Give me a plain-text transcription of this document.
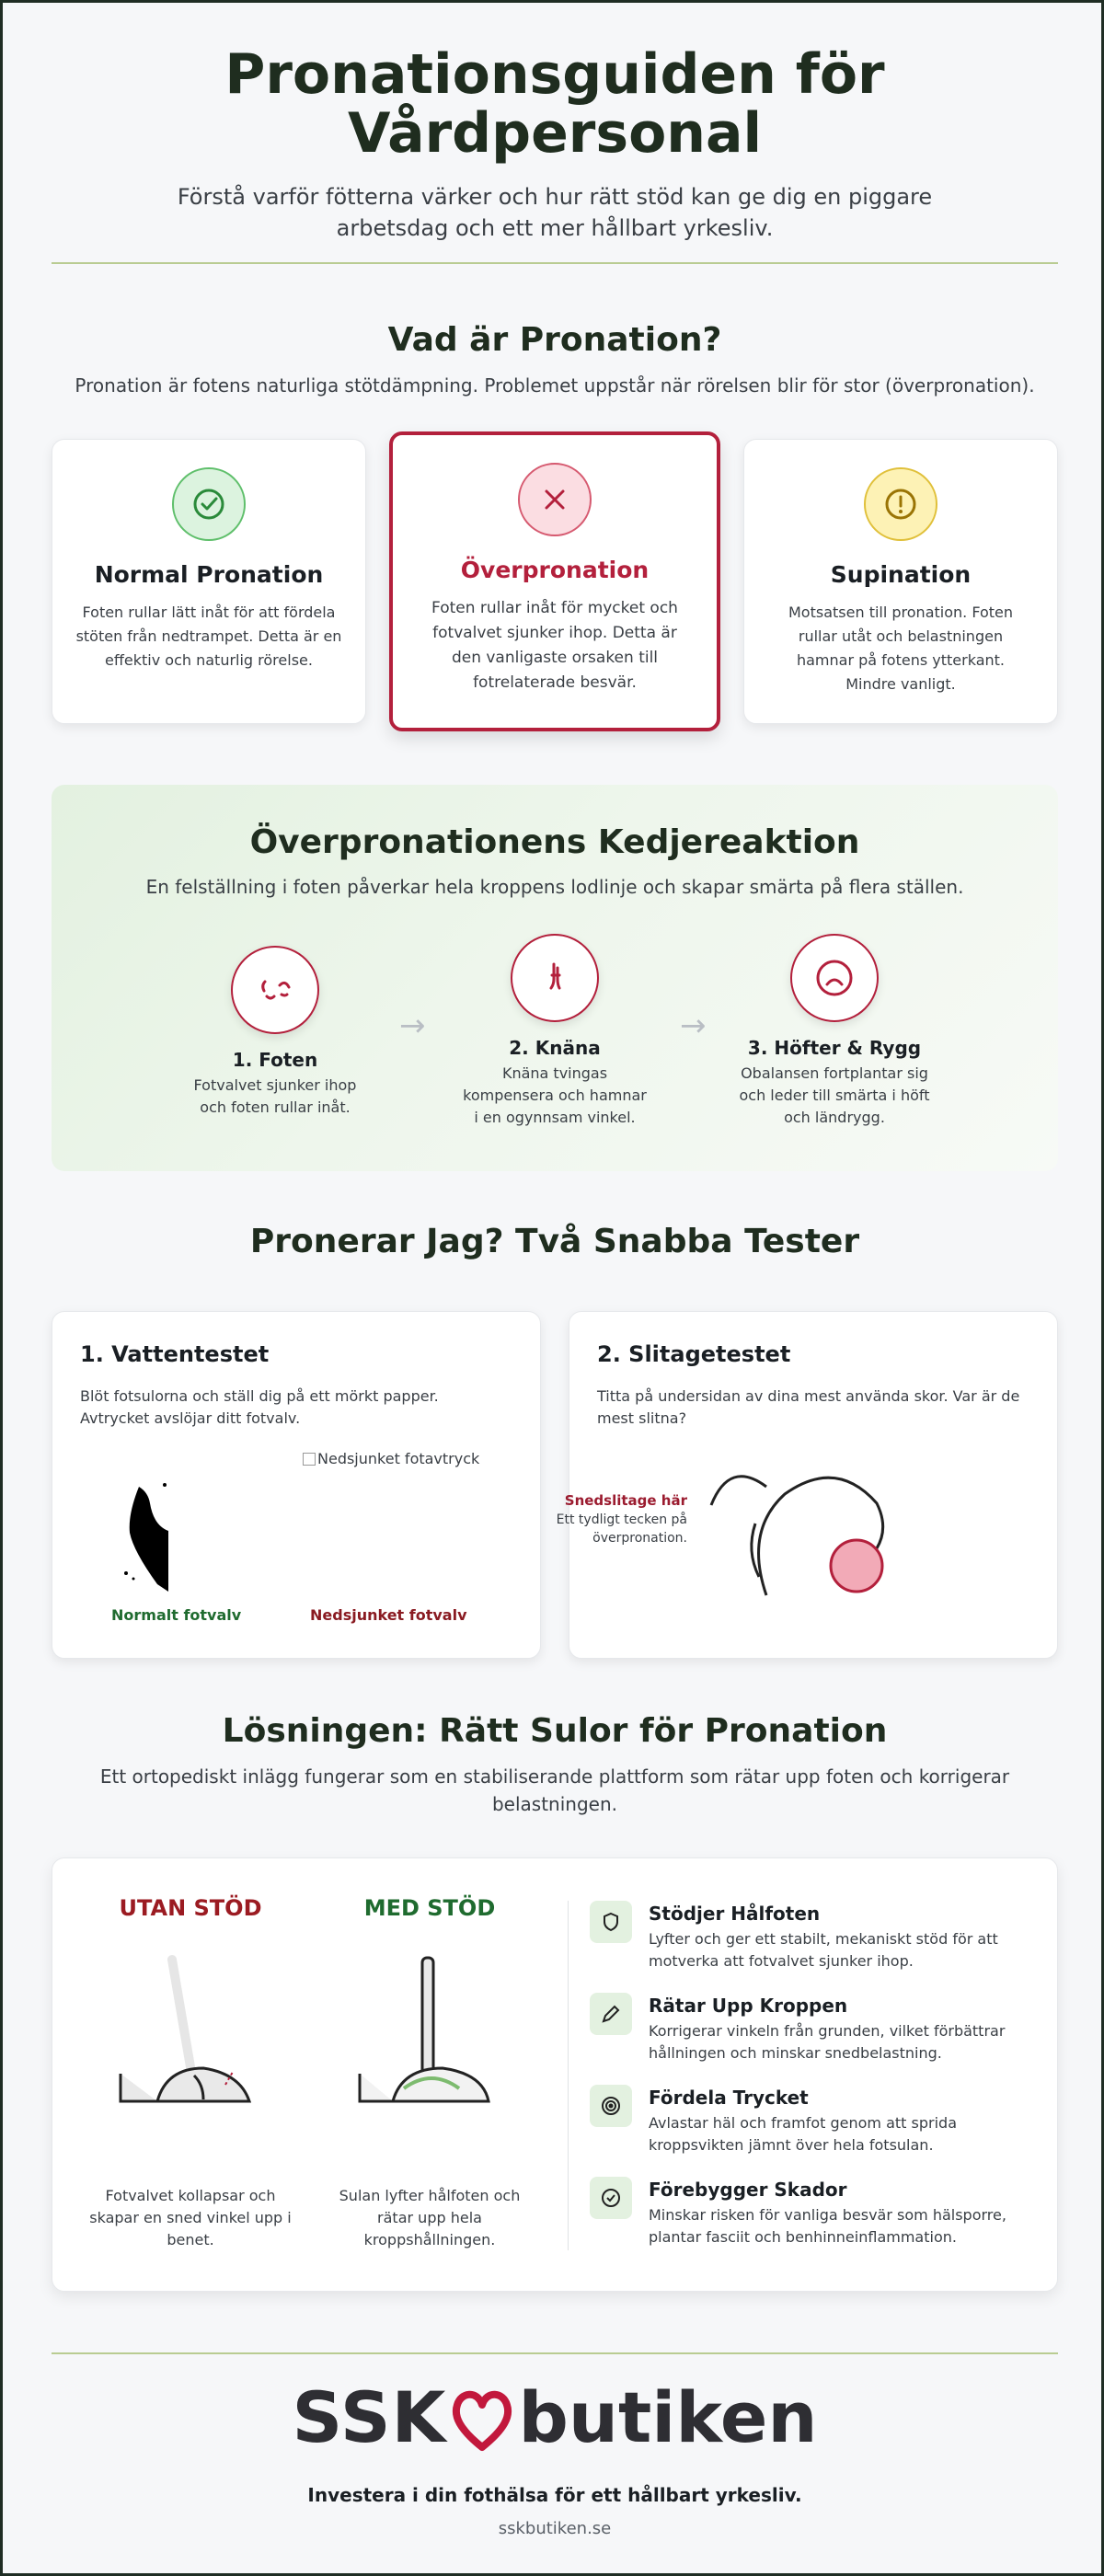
Pronationsguiden för
Vårdpersonal

Förstå varför fötterna värker och hur rätt stöd kan ge dig en piggare arbetsdag och ett mer hållbart yrkesliv.

Vad är Pronation?

Pronation är fotens naturliga stötdämpning. Problemet uppstår när rörelsen blir för stor (överpronation).

Normal Pronation

Foten rullar lätt inåt för att fördela stöten från nedtrampet. Detta är en effektiv och naturlig rörelse.

Överpronation

Foten rullar inåt för mycket och fotvalvet sjunker ihop. Detta är den vanligaste orsaken till fotrelaterade besvär.

Supination

Motsatsen till pronation. Foten rullar utåt och belastningen hamnar på fotens ytterkant. Mindre vanligt.

Överpronationens Kedjereaktion

En felställning i foten påverkar hela kroppens lodlinje och skapar smärta på flera ställen.

1. Foten

Fotvalvet sjunker ihop
och foten rullar inåt.

→
2. Knäna

Knäna tvingas
kompensera och hamnar
i en ogynnsam vinkel.

→
3. Höfter & Rygg

Obalansen fortplantar sig
och leder till smärta i höft
och ländrygg.

Pronerar Jag? Två Snabba Tester
1. Vattentestet

Blöt fotsulorna och ställ dig på ett mörkt papper. Avtrycket avslöjar ditt fotvalv.

Nedsjunket fotavtryck
Normalt fotvalv	Nedsjunket fotvalv
2. Slitagetestet

Titta på undersidan av dina mest använda skor. Var är de mest slitna?

Snedslitage här
Ett tydligt tecken på
överpronation.
Lösningen: Rätt Sulor för Pronation

Ett ortopediskt inlägg fungerar som en stabiliserande plattform som rätar upp foten och korrigerar belastningen.

UTAN STÖD
Fotvalvet kollapsar och skapar en sned vinkel upp i benet.
MED STÖD
Sulan lyfter hålfoten och rätar upp hela kroppshållningen.
Stödjer Hålfoten

Lyfter och ger ett stabilt, mekaniskt stöd för att motverka att fotvalvet sjunker ihop.

Rätar Upp Kroppen

Korrigerar vinkeln från grunden, vilket förbättrar hållningen och minskar snedbelastning.

Fördela Trycket

Avlastar häl och framfot genom att sprida kroppsvikten jämnt över hela fotsulan.

Förebygger Skador

Minskar risken för vanliga besvär som hälsporre, plantar fasciit och benhinneinflammation.

SSK butiken
Investera i din fothälsa för ett hållbart yrkesliv.
sskbutiken.se
